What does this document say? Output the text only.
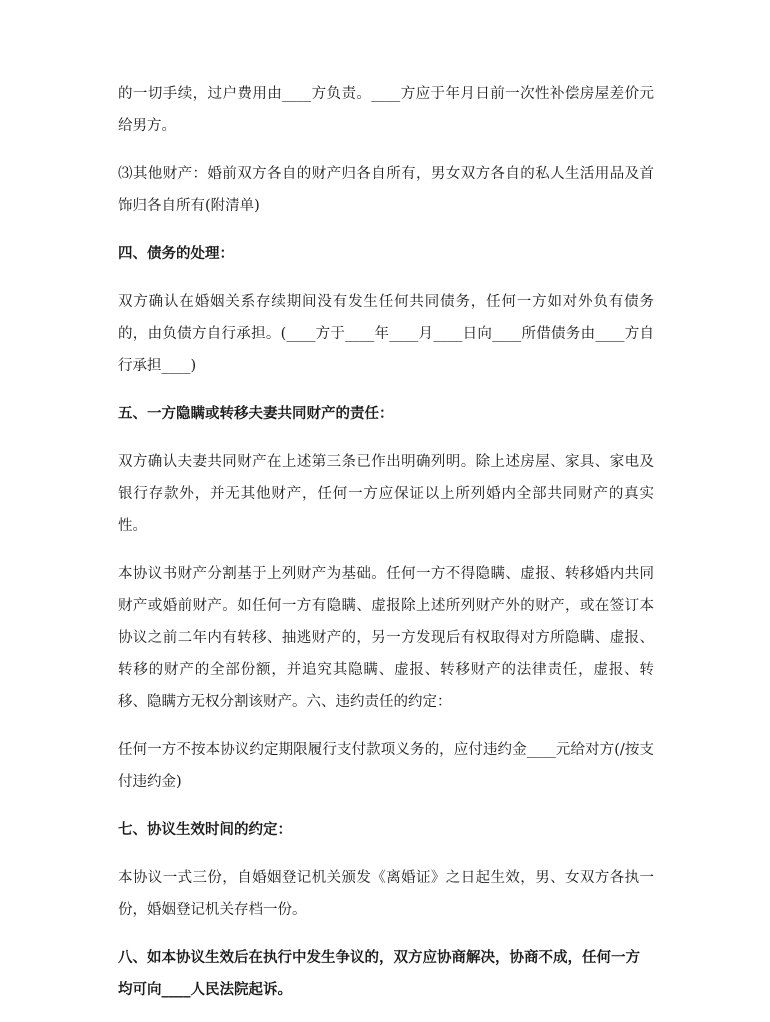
的一切手续，过户费用由____方负责。____方应于年月日前一次性补偿房屋差价元给男方。

⑶其他财产：婚前双方各自的财产归各自所有，男女双方各自的私人生活用品及首饰归各自所有(附清单)

四、债务的处理：

双方确认在婚姻关系存续期间没有发生任何共同债务，任何一方如对外负有债务的，由负债方自行承担。(____方于____年____月____日向____所借债务由____方自行承担____)

五、一方隐瞒或转移夫妻共同财产的责任：

双方确认夫妻共同财产在上述第三条已作出明确列明。除上述房屋、家具、家电及银行存款外，并无其他财产，任何一方应保证以上所列婚内全部共同财产的真实性。

本协议书财产分割基于上列财产为基础。任何一方不得隐瞒、虚报、转移婚内共同财产或婚前财产。如任何一方有隐瞒、虚报除上述所列财产外的财产，或在签订本协议之前二年内有转移、抽逃财产的，另一方发现后有权取得对方所隐瞒、虚报、转移的财产的全部份额，并追究其隐瞒、虚报、转移财产的法律责任，虚报、转移、隐瞒方无权分割该财产。六、违约责任的约定：

任何一方不按本协议约定期限履行支付款项义务的，应付违约金____元给对方(/按支付违约金)

七、协议生效时间的约定：

本协议一式三份，自婚姻登记机关颁发《离婚证》之日起生效，男、女双方各执一份，婚姻登记机关存档一份。

八、如本协议生效后在执行中发生争议的，双方应协商解决，协商不成，任何一方均可向____人民法院起诉。
